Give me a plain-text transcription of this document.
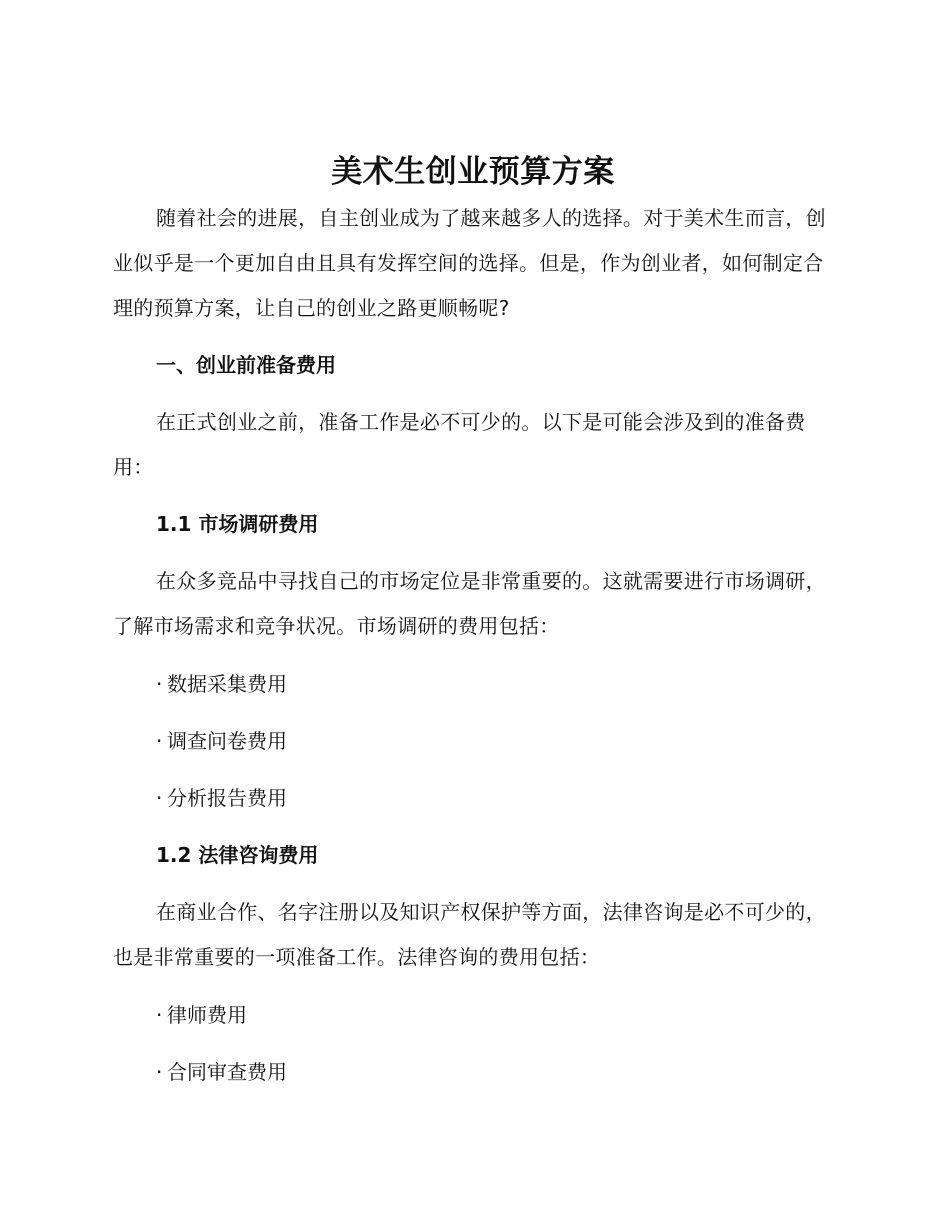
美术生创业预算方案

随着社会的进展，自主创业成为了越来越多人的选择。对于美术生而言，创业似乎是一个更加自由且具有发挥空间的选择。但是，作为创业者，如何制定合理的预算方案，让自己的创业之路更顺畅呢?

一、创业前准备费用

在正式创业之前，准备工作是必不可少的。以下是可能会涉及到的准备费用：

1.1 市场调研费用

在众多竞品中寻找自己的市场定位是非常重要的。这就需要进行市场调研，了解市场需求和竞争状况。市场调研的费用包括：

· 数据采集费用
· 调查问卷费用
· 分析报告费用
1.2 法律咨询费用

在商业合作、名字注册以及知识产权保护等方面，法律咨询是必不可少的，也是非常重要的一项准备工作。法律咨询的费用包括：

· 律师费用
· 合同审查费用
